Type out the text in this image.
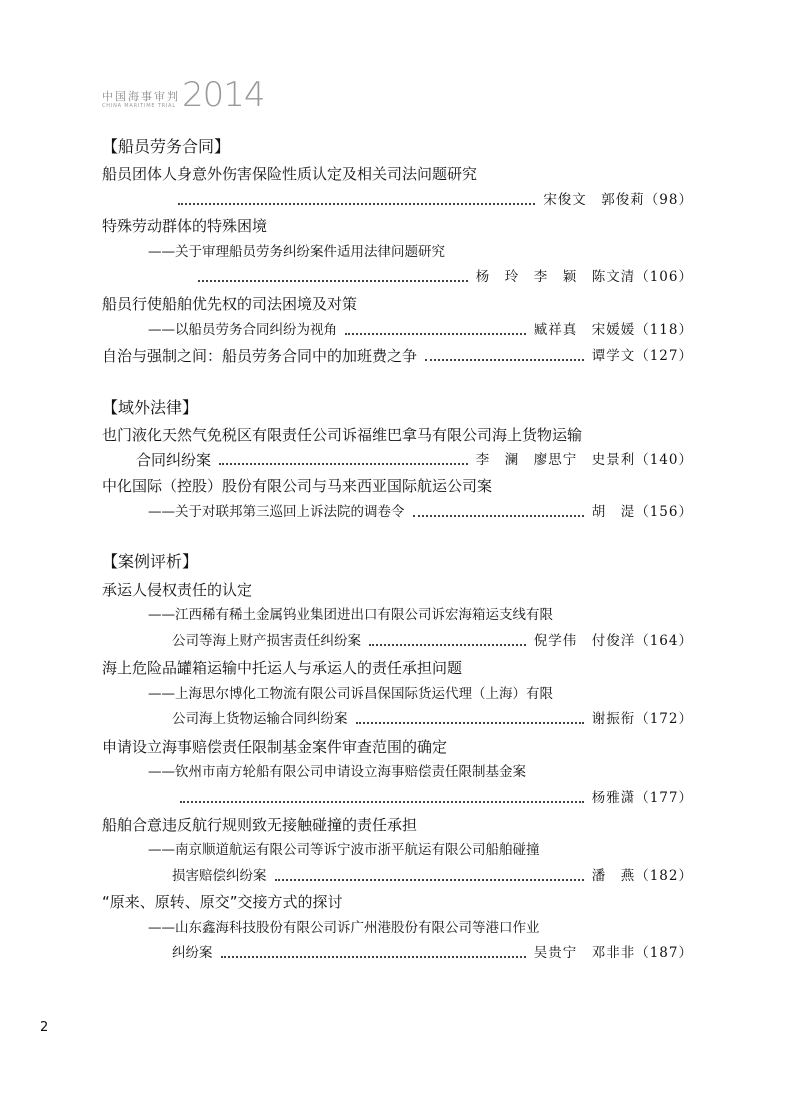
中国海事审判
CHINA MARITIME TRIAL 2014
【船员劳务合同】
船员团体人身意外伤害保险性质认定及相关司法问题研究
宋俊文　郭俊莉（98）
特殊劳动群体的特殊困境
——关于审理船员劳务纠纷案件适用法律问题研究
杨　玲　李　颖　陈文清（106）
船员行使船舶优先权的司法困境及对策
——以船员劳务合同纠纷为视角	臧祥真　宋媛媛（118）
自治与强制之间：船员劳务合同中的加班费之争	谭学文（127）
【域外法律】
也门液化天然气免税区有限责任公司诉福维巴拿马有限公司海上货物运输
合同纠纷案	李　澜　廖思宁　史景利（140）
中化国际（控股）股份有限公司与马来西亚国际航运公司案
——关于对联邦第三巡回上诉法院的调卷令	胡　湜（156）
【案例评析】
承运人侵权责任的认定
——江西稀有稀土金属钨业集团进出口有限公司诉宏海箱运支线有限
公司等海上财产损害责任纠纷案	倪学伟　付俊洋（164）
海上危险品罐箱运输中托运人与承运人的责任承担问题
——上海思尔博化工物流有限公司诉昌保国际货运代理（上海）有限
公司海上货物运输合同纠纷案	谢振衔（172）
申请设立海事赔偿责任限制基金案件审查范围的确定
——钦州市南方轮船有限公司申请设立海事赔偿责任限制基金案
杨雅潇（177）
船舶合意违反航行规则致无接触碰撞的责任承担
——南京顺道航运有限公司等诉宁波市浙平航运有限公司船舶碰撞
损害赔偿纠纷案	潘　燕（182）
“原来、原转、原交”交接方式的探讨
——山东鑫海科技股份有限公司诉广州港股份有限公司等港口作业
纠纷案	吴贵宁　邓非非（187）
2
